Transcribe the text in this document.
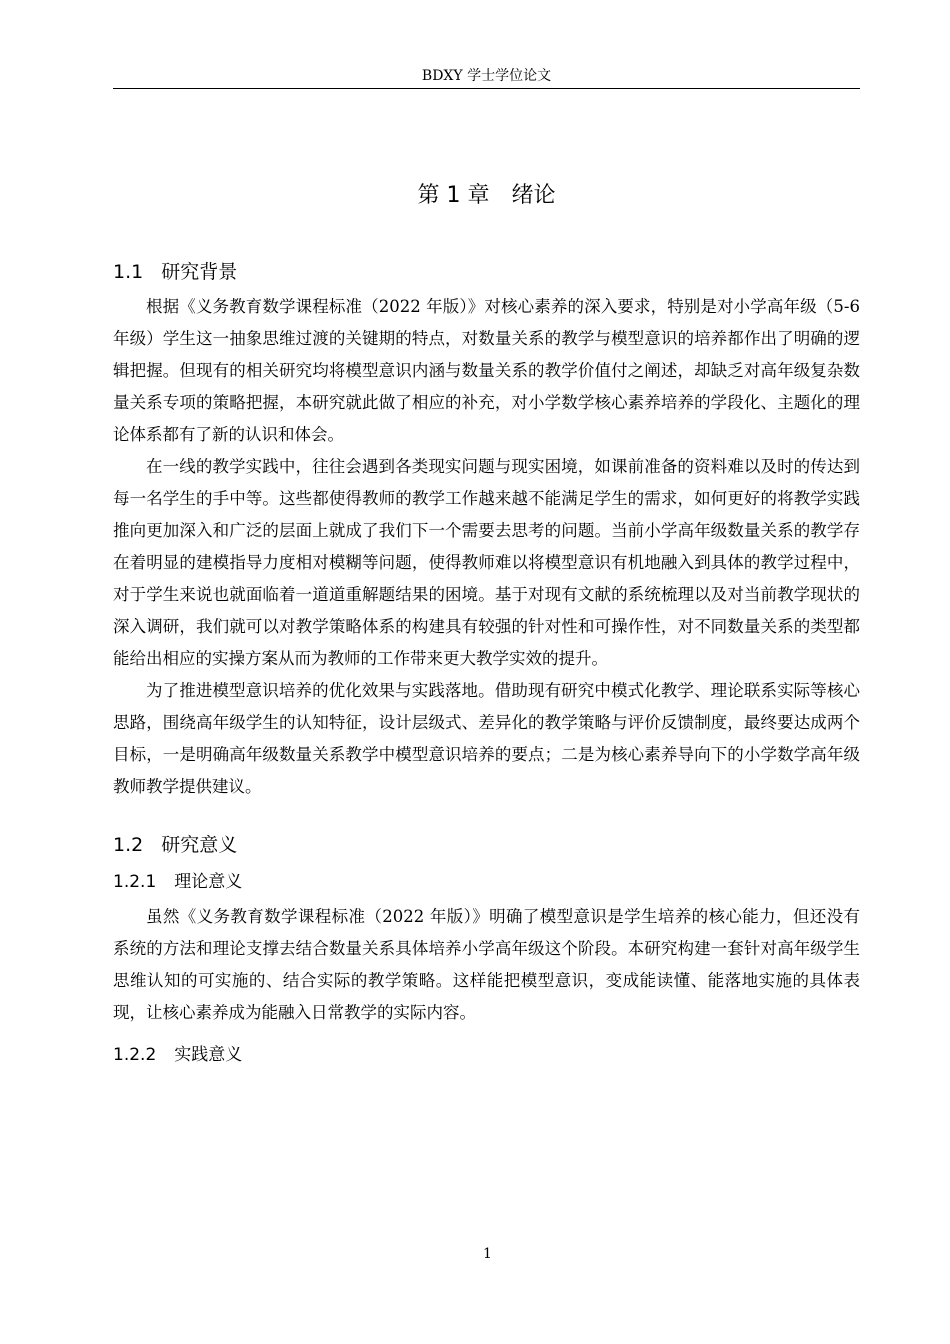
BDXY 学士学位论文
第 1 章　绪论
1.1 研究背景

根据《义务教育数学课程标准（2022 年版）》对核心素养的深入要求，特别是对小学高年级（5-6 年级）学生这一抽象思维过渡的关键期的特点，对数量关系的教学与模型意识的培养都作出了明确的逻辑把握。但现有的相关研究均将模型意识内涵与数量关系的教学价值付之阐述，却缺乏对高年级复杂数量关系专项的策略把握，本研究就此做了相应的补充，对小学数学核心素养培养的学段化、主题化的理论体系都有了新的认识和体会。

在一线的教学实践中，往往会遇到各类现实问题与现实困境，如课前准备的资料难以及时的传达到每一名学生的手中等。这些都使得教师的教学工作越来越不能满足学生的需求，如何更好的将教学实践推向更加深入和广泛的层面上就成了我们下一个需要去思考的问题。当前小学高年级数量关系的教学存在着明显的建模指导力度相对模糊等问题，使得教师难以将模型意识有机地融入到具体的教学过程中，对于学生来说也就面临着一道道重解题结果的困境。基于对现有文献的系统梳理以及对当前教学现状的深入调研，我们就可以对教学策略体系的构建具有较强的针对性和可操作性，对不同数量关系的类型都能给出相应的实操方案从而为教师的工作带来更大教学实效的提升。

为了推进模型意识培养的优化效果与实践落地。借助现有研究中模式化教学、理论联系实际等核心思路，围绕高年级学生的认知特征，设计层级式、差异化的教学策略与评价反馈制度，最终要达成两个目标，一是明确高年级数量关系教学中模型意识培养的要点；二是为核心素养导向下的小学数学高年级教师教学提供建议。

1.2 研究意义
1.2.1 理论意义

虽然《义务教育数学课程标准（2022 年版）》明确了模型意识是学生培养的核心能力，但还没有系统的方法和理论支撑去结合数量关系具体培养小学高年级这个阶段。本研究构建一套针对高年级学生思维认知的可实施的、结合实际的教学策略。这样能把模型意识，变成能读懂、能落地实施的具体表现，让核心素养成为能融入日常教学的实际内容。

1.2.2 实践意义
1
